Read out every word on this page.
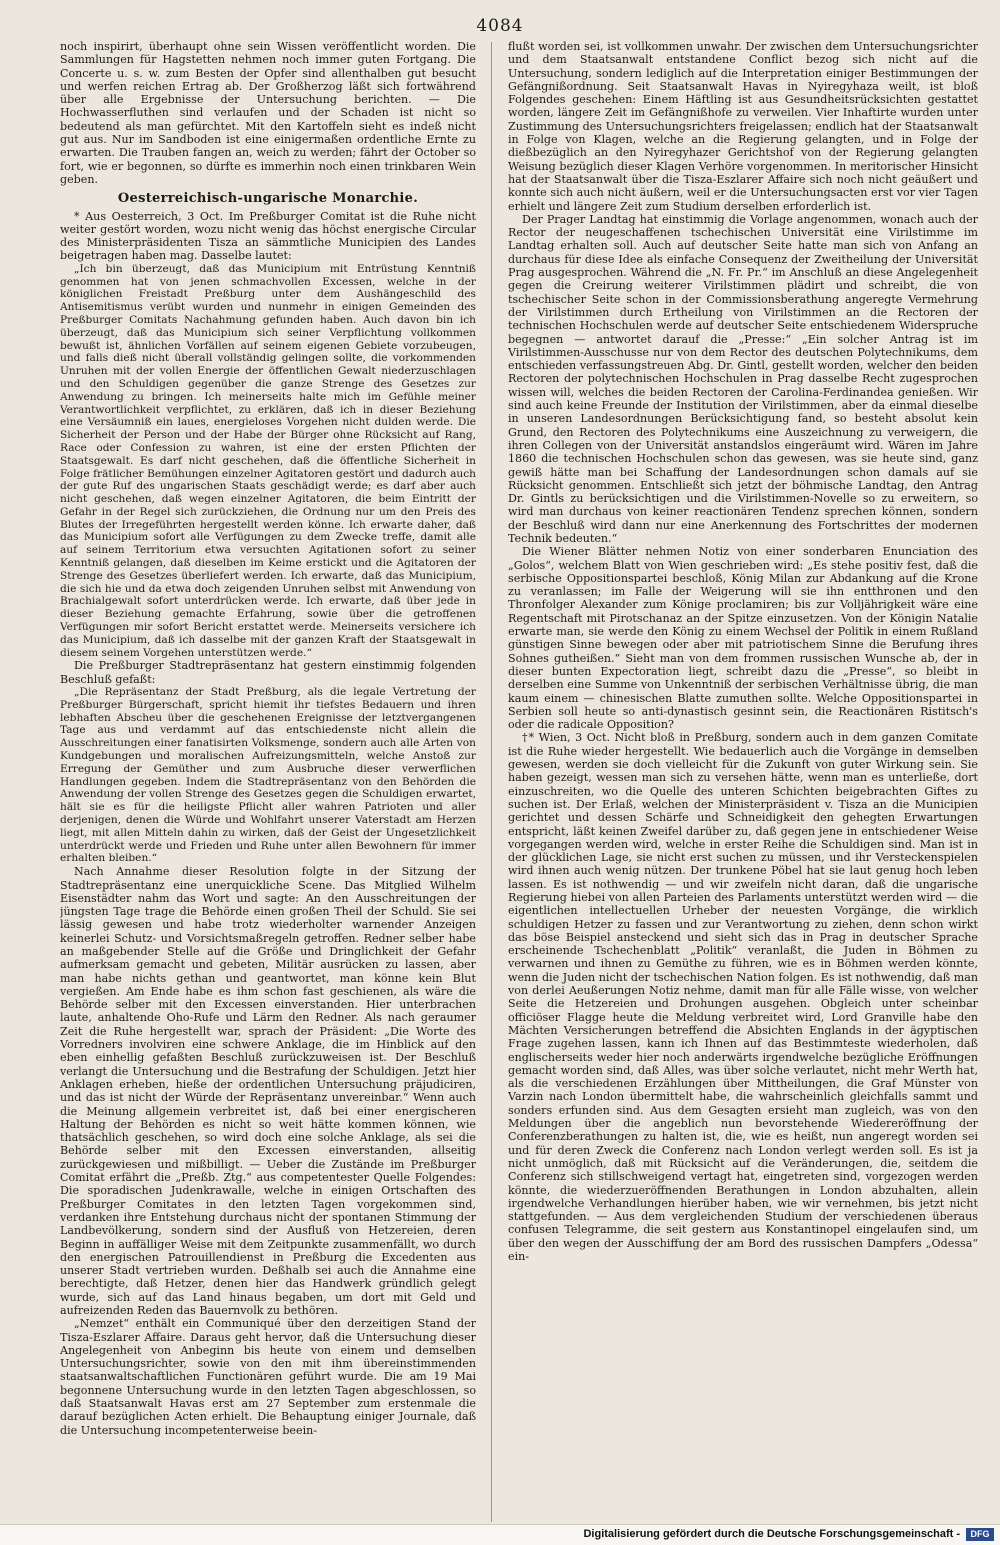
4084

noch inspirirt, überhaupt ohne sein Wissen veröffentlicht worden. Die Sammlungen für Hagstetten nehmen noch immer guten Fortgang. Die Concerte u. s. w. zum Besten der Opfer sind allenthalben gut besucht und werfen reichen Ertrag ab. Der Großherzog läßt sich fortwährend über alle Ergebnisse der Untersuchung berichten. — Die Hochwasserfluthen sind verlaufen und der Schaden ist nicht so bedeutend als man gefürchtet. Mit den Kartoffeln sieht es indeß nicht gut aus. Nur im Sandboden ist eine einigermaßen ordentliche Ernte zu erwarten. Die Trauben fangen an, weich zu werden; fährt der October so fort, wie er begonnen, so dürfte es immerhin noch einen trinkbaren Wein geben.

Oesterreichisch-ungarische Monarchie.

* Aus Oesterreich, 3 Oct. Im Preßburger Comitat ist die Ruhe nicht weiter gestört worden, wozu nicht wenig das höchst energische Circular des Ministerpräsidenten Tisza an sämmtliche Municipien des Landes beigetragen haben mag. Dasselbe lautet:

„Ich bin überzeugt, daß das Municipium mit Entrüstung Kenntniß genommen hat von jenen schmachvollen Excessen, welche in der königlichen Freistadt Preßburg unter dem Aushängeschild des Antisemitismus verübt wurden und nunmehr in einigen Gemeinden des Preßburger Comitats Nachahmung gefunden haben. Auch davon bin ich überzeugt, daß das Municipium sich seiner Verpflichtung vollkommen bewußt ist, ähnlichen Vorfällen auf seinem eigenen Gebiete vorzubeugen, und falls dieß nicht überall vollständig gelingen sollte, die vorkommenden Unruhen mit der vollen Energie der öffentlichen Gewalt niederzuschlagen und den Schuldigen gegenüber die ganze Strenge des Gesetzes zur Anwendung zu bringen. Ich meinerseits halte mich im Gefühle meiner Verantwortlichkeit verpflichtet, zu erklären, daß ich in dieser Beziehung eine Versäumniß ein laues, energieloses Vorgehen nicht dulden werde. Die Sicherheit der Person und der Habe der Bürger ohne Rücksicht auf Rang, Race oder Confession zu wahren, ist eine der ersten Pflichten der Staatsgewalt. Es darf nicht geschehen, daß die öffentliche Sicherheit in Folge frätlicher Bemühungen einzelner Agitatoren gestört und dadurch auch der gute Ruf des ungarischen Staats geschädigt werde; es darf aber auch nicht geschehen, daß wegen einzelner Agitatoren, die beim Eintritt der Gefahr in der Regel sich zurückziehen, die Ordnung nur um den Preis des Blutes der Irregeführten hergestellt werden könne. Ich erwarte daher, daß das Municipium sofort alle Verfügungen zu dem Zwecke treffe, damit alle auf seinem Territorium etwa versuchten Agitationen sofort zu seiner Kenntniß gelangen, daß dieselben im Keime erstickt und die Agitatoren der Strenge des Gesetzes überliefert werden. Ich erwarte, daß das Municipium, die sich hie und da etwa doch zeigenden Unruhen selbst mit Anwendung von Brachialgewalt sofort unterdrücken werde. Ich erwarte, daß über jede in dieser Beziehung gemachte Erfahrung, sowie über die getroffenen Verfügungen mir sofort Bericht erstattet werde. Meinerseits versichere ich das Municipium, daß ich dasselbe mit der ganzen Kraft der Staatsgewalt in diesem seinem Vorgehen unterstützen werde.“

Die Preßburger Stadtrepräsentanz hat gestern einstimmig folgenden Beschluß gefaßt:

„Die Repräsentanz der Stadt Preßburg, als die legale Vertretung der Preßburger Bürgerschaft, spricht hiemit ihr tiefstes Bedauern und ihren lebhaften Abscheu über die geschehenen Ereignisse der letztvergangenen Tage aus und verdammt auf das entschiedenste nicht allein die Ausschreitungen einer fanatisirten Volksmenge, sondern auch alle Arten von Kundgebungen und moralischen Aufreizungsmitteln, welche Anstoß zur Erregung der Gemüther und zum Ausbruche dieser verwerflichen Handlungen gegeben. Indem die Stadtrepräsentanz von den Behörden die Anwendung der vollen Strenge des Gesetzes gegen die Schuldigen erwartet, hält sie es für die heiligste Pflicht aller wahren Patrioten und aller derjenigen, denen die Würde und Wohlfahrt unserer Vaterstadt am Herzen liegt, mit allen Mitteln dahin zu wirken, daß der Geist der Ungesetzlichkeit unterdrückt werde und Frieden und Ruhe unter allen Bewohnern für immer erhalten bleiben.“

Nach Annahme dieser Resolution folgte in der Sitzung der Stadtrepräsentanz eine unerquickliche Scene. Das Mitglied Wilhelm Eisenstädter nahm das Wort und sagte: An den Ausschreitungen der jüngsten Tage trage die Behörde einen großen Theil der Schuld. Sie sei lässig gewesen und habe trotz wiederholter warnender Anzeigen keinerlei Schutz- und Vorsichtsmaßregeln getroffen. Redner selber habe an maßgebender Stelle auf die Größe und Dringlichkeit der Gefahr aufmerksam gemacht und gebeten, Militär ausrücken zu lassen, aber man habe nichts gethan und geantwortet, man könne kein Blut vergießen. Am Ende habe es ihm schon fast geschienen, als wäre die Behörde selber mit den Excessen einverstanden. Hier unterbrachen laute, anhaltende Oho-Rufe und Lärm den Redner. Als nach geraumer Zeit die Ruhe hergestellt war, sprach der Präsident: „Die Worte des Vorredners involviren eine schwere Anklage, die im Hinblick auf den eben einhellig gefaßten Beschluß zurückzuweisen ist. Der Beschluß verlangt die Untersuchung und die Bestrafung der Schuldigen. Jetzt hier Anklagen erheben, hieße der ordentlichen Untersuchung präjudiciren, und das ist nicht der Würde der Repräsentanz unvereinbar.“ Wenn auch die Meinung allgemein verbreitet ist, daß bei einer energischeren Haltung der Behörden es nicht so weit hätte kommen können, wie thatsächlich geschehen, so wird doch eine solche Anklage, als sei die Behörde selber mit den Excessen einverstanden, allseitig zurückgewiesen und mißbilligt. — Ueber die Zustände im Preßburger Comitat erfährt die „Preßb. Ztg.“ aus competentester Quelle Folgendes: Die sporadischen Judenkrawalle, welche in einigen Ortschaften des Preßburger Comitates in den letzten Tagen vorgekommen sind, verdanken ihre Entstehung durchaus nicht der spontanen Stimmung der Landbevölkerung, sondern sind der Ausfluß von Hetzereien, deren Beginn in auffälliger Weise mit dem Zeitpunkte zusammenfällt, wo durch den energischen Patrouillendienst in Preßburg die Excedenten aus unserer Stadt vertrieben wurden. Deßhalb sei auch die Annahme eine berechtigte, daß Hetzer, denen hier das Handwerk gründlich gelegt wurde, sich auf das Land hinaus begaben, um dort mit Geld und aufreizenden Reden das Bauernvolk zu bethören.

„Nemzet“ enthält ein Communiqué über den derzeitigen Stand der Tisza-Eszlarer Affaire. Daraus geht hervor, daß die Untersuchung dieser Angelegenheit von Anbeginn bis heute von einem und demselben Untersuchungsrichter, sowie von den mit ihm übereinstimmenden staatsanwaltschaftlichen Functionären geführt wurde. Die am 19 Mai begonnene Untersuchung wurde in den letzten Tagen abgeschlossen, so daß Staatsanwalt Havas erst am 27 September zum erstenmale die darauf bezüglichen Acten erhielt. Die Behauptung einiger Journale, daß die Untersuchung incompetenterweise beein-

flußt worden sei, ist vollkommen unwahr. Der zwischen dem Untersuchungsrichter und dem Staatsanwalt entstandene Conflict bezog sich nicht auf die Untersuchung, sondern lediglich auf die Interpretation einiger Bestimmungen der Gefängnißordnung. Seit Staatsanwalt Havas in Nyiregyhaza weilt, ist bloß Folgendes geschehen: Einem Häftling ist aus Gesundheitsrücksichten gestattet worden, längere Zeit im Gefängnißhofe zu verweilen. Vier Inhaftirte wurden unter Zustimmung des Untersuchungsrichters freigelassen; endlich hat der Staatsanwalt in Folge von Klagen, welche an die Regierung gelangten, und in Folge der dießbezüglich an den Nyiregyhazer Gerichtshof von der Regierung gelangten Weisung bezüglich dieser Klagen Verhöre vorgenommen. In meritorischer Hinsicht hat der Staatsanwalt über die Tisza-Eszlarer Affaire sich noch nicht geäußert und konnte sich auch nicht äußern, weil er die Untersuchungsacten erst vor vier Tagen erhielt und längere Zeit zum Studium derselben erforderlich ist.

Der Prager Landtag hat einstimmig die Vorlage angenommen, wonach auch der Rector der neugeschaffenen tschechischen Universität eine Virilstimme im Landtag erhalten soll. Auch auf deutscher Seite hatte man sich von Anfang an durchaus für diese Idee als einfache Consequenz der Zweitheilung der Universität Prag ausgesprochen. Während die „N. Fr. Pr.“ im Anschluß an diese Angelegenheit gegen die Creirung weiterer Virilstimmen plädirt und schreibt, die von tschechischer Seite schon in der Commissionsberathung angeregte Vermehrung der Virilstimmen durch Ertheilung von Virilstimmen an die Rectoren der technischen Hochschulen werde auf deutscher Seite entschiedenem Widerspruche begegnen — antwortet darauf die „Presse:“ „Ein solcher Antrag ist im Virilstimmen-Ausschusse nur von dem Rector des deutschen Polytechnikums, dem entschieden verfassungstreuen Abg. Dr. Gintl, gestellt worden, welcher den beiden Rectoren der polytechnischen Hochschulen in Prag dasselbe Recht zugesprochen wissen will, welches die beiden Rectoren der Carolina-Ferdinandea genießen. Wir sind auch keine Freunde der Institution der Virilstimmen, aber da einmal dieselbe in unseren Landesordnungen Berücksichtigung fand, so besteht absolut kein Grund, den Rectoren des Polytechnikums eine Auszeichnung zu verweigern, die ihren Collegen von der Universität anstandslos eingeräumt wird. Wären im Jahre 1860 die technischen Hochschulen schon das gewesen, was sie heute sind, ganz gewiß hätte man bei Schaffung der Landesordnungen schon damals auf sie Rücksicht genommen. Entschließt sich jetzt der böhmische Landtag, den Antrag Dr. Gintls zu berücksichtigen und die Virilstimmen-Novelle so zu erweitern, so wird man durchaus von keiner reactionären Tendenz sprechen können, sondern der Beschluß wird dann nur eine Anerkennung des Fortschrittes der modernen Technik bedeuten.“

Die Wiener Blätter nehmen Notiz von einer sonderbaren Enunciation des „Golos“, welchem Blatt von Wien geschrieben wird: „Es stehe positiv fest, daß die serbische Oppositionspartei beschloß, König Milan zur Abdankung auf die Krone zu veranlassen; im Falle der Weigerung will sie ihn entthronen und den Thronfolger Alexander zum Könige proclamiren; bis zur Volljährigkeit wäre eine Regentschaft mit Pirotschanaz an der Spitze einzusetzen. Von der Königin Natalie erwarte man, sie werde den König zu einem Wechsel der Politik in einem Rußland günstigen Sinne bewegen oder aber mit patriotischem Sinne die Berufung ihres Sohnes gutheißen.“ Sieht man von dem frommen russischen Wunsche ab, der in dieser bunten Expectoration liegt, schreibt dazu die „Presse“, so bleibt in derselben eine Summe von Unkenntniß der serbischen Verhältnisse übrig, die man kaum einem — chinesischen Blatte zumuthen sollte. Welche Oppositionspartei in Serbien soll heute so anti-dynastisch gesinnt sein, die Reactionären Ristitsch's oder die radicale Opposition?

†* Wien, 3 Oct. Nicht bloß in Preßburg, sondern auch in dem ganzen Comitate ist die Ruhe wieder hergestellt. Wie bedauerlich auch die Vorgänge in demselben gewesen, werden sie doch vielleicht für die Zukunft von guter Wirkung sein. Sie haben gezeigt, wessen man sich zu versehen hätte, wenn man es unterließe, dort einzuschreiten, wo die Quelle des unteren Schichten beigebrachten Giftes zu suchen ist. Der Erlaß, welchen der Ministerpräsident v. Tisza an die Municipien gerichtet und dessen Schärfe und Schneidigkeit den gehegten Erwartungen entspricht, läßt keinen Zweifel darüber zu, daß gegen jene in entschiedener Weise vorgegangen werden wird, welche in erster Reihe die Schuldigen sind. Man ist in der glücklichen Lage, sie nicht erst suchen zu müssen, und ihr Versteckenspielen wird ihnen auch wenig nützen. Der trunkene Pöbel hat sie laut genug hoch leben lassen. Es ist nothwendig — und wir zweifeln nicht daran, daß die ungarische Regierung hiebei von allen Parteien des Parlaments unterstützt werden wird — die eigentlichen intellectuellen Urheber der neuesten Vorgänge, die wirklich schuldigen Hetzer zu fassen und zur Verantwortung zu ziehen, denn schon wirkt das böse Beispiel ansteckend und sieht sich das in Prag in deutscher Sprache erscheinende Tschechenblatt „Politik“ veranlaßt, die Juden in Böhmen zu verwarnen und ihnen zu Gemüthe zu führen, wie es in Böhmen werden könnte, wenn die Juden nicht der tschechischen Nation folgen. Es ist nothwendig, daß man von derlei Aeußerungen Notiz nehme, damit man für alle Fälle wisse, von welcher Seite die Hetzereien und Drohungen ausgehen. Obgleich unter scheinbar officiöser Flagge heute die Meldung verbreitet wird, Lord Granville habe den Mächten Versicherungen betreffend die Absichten Englands in der ägyptischen Frage zugehen lassen, kann ich Ihnen auf das Bestimmteste wiederholen, daß englischerseits weder hier noch anderwärts irgendwelche bezügliche Eröffnungen gemacht worden sind, daß Alles, was über solche verlautet, nicht mehr Werth hat, als die verschiedenen Erzählungen über Mittheilungen, die Graf Münster von Varzin nach London übermittelt habe, die wahrscheinlich gleichfalls sammt und sonders erfunden sind. Aus dem Gesagten ersieht man zugleich, was von den Meldungen über die angeblich nun bevorstehende Wiedereröffnung der Conferenzberathungen zu halten ist, die, wie es heißt, nun angeregt worden sei und für deren Zweck die Conferenz nach London verlegt werden soll. Es ist ja nicht unmöglich, daß mit Rücksicht auf die Veränderungen, die, seitdem die Conferenz sich stillschweigend vertagt hat, eingetreten sind, vorgezogen werden könnte, die wiederzueröffnenden Berathungen in London abzuhalten, allein irgendwelche Verhandlungen hierüber haben, wie wir vernehmen, bis jetzt nicht stattgefunden. — Aus dem vergleichenden Studium der verschiedenen überaus confusen Telegramme, die seit gestern aus Konstantinopel eingelaufen sind, um über den wegen der Ausschiffung der am Bord des russischen Dampfers „Odessa“ ein-

Digitalisierung gefördert durch die Deutsche Forschungsgemeinschaft -	DFG
